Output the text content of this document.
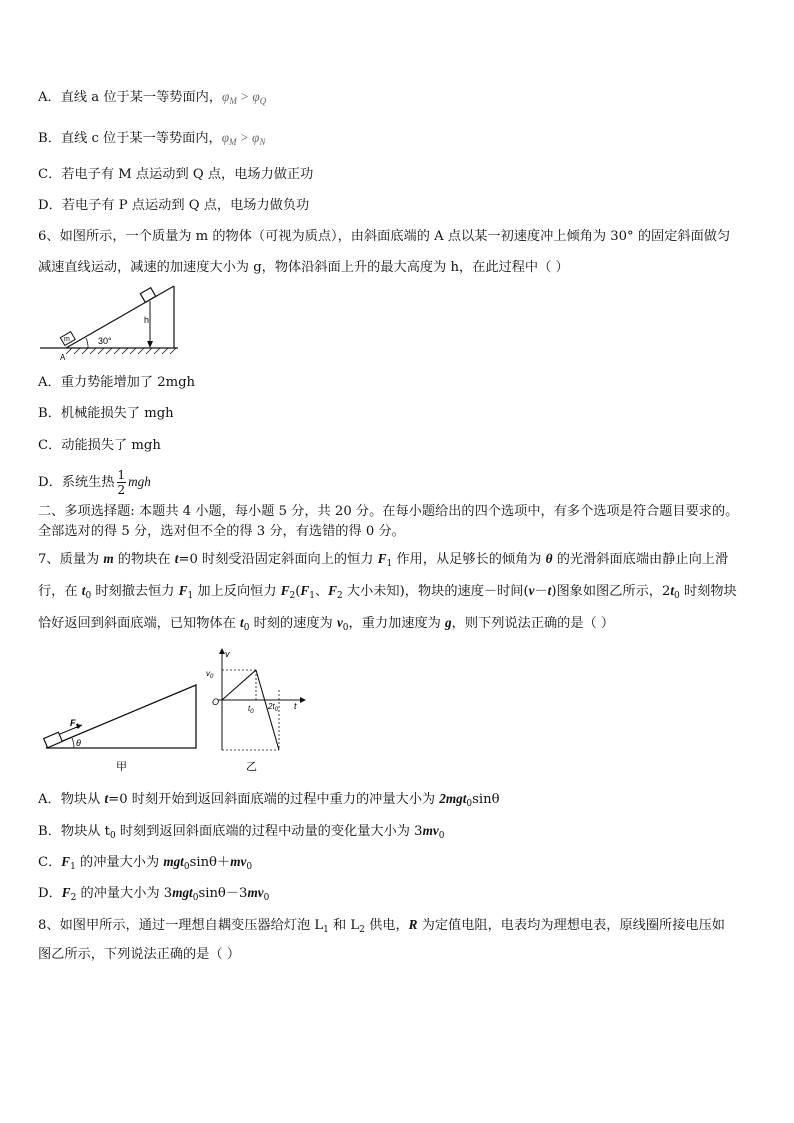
A．直线 a 位于某一等势面内，$\varphi_M > \varphi_Q$
B．直线 c 位于某一等势面内，$\varphi_M > \varphi_N$
C．若电子有 M 点运动到 Q 点，电场力做正功
D．若电子有 P 点运动到 Q 点，电场力做负功
6、如图所示，一个质量为 m 的物体（可视为质点），由斜面底端的 A 点以某一初速度冲上倾角为 30° 的固定斜面做匀
减速直线运动，减速的加速度大小为 g，物体沿斜面上升的最大高度为 h，在此过程中（ ）
m
h
30°
A
A．重力势能增加了 2mgh
B．机械能损失了 mgh
C．动能损失了 mgh
D．系统生热 $\frac{1}{2}$ mgh
二、多项选择题: 本题共 4 小题，每小题 5 分，共 20 分。在每小题给出的四个选项中，有多个选项是符合题目要求的。
全部选对的得 5 分，选对但不全的得 3 分，有选错的得 0 分。
7、质量为 m 的物块在 t=0 时刻受沿固定斜面向上的恒力 $F_1$ 作用，从足够长的倾角为 θ 的光滑斜面底端由静止向上滑
行，在 $t_0$ 时刻撤去恒力 $F_1$ 加上反向恒力 $F_2(F_1$、$F_2$ 大小未知)，物块的速度－时间(v－t)图象如图乙所示，$2t_0$ 时刻物块
恰好返回到斜面底端，已知物体在 $t_0$ 时刻的速度为 $v_0$，重力加速度为 g，则下列说法正确的是（ ）
$F_1$
θ
甲
v
$v_0$
O
$t_0$
$2t_0$ t
乙
A．物块从 t=0 时刻开始到返回斜面底端的过程中重力的冲量大小为 2mgt$_0$sinθ
B．物块从 $t_0$ 时刻到返回斜面底端的过程中动量的变化量大小为 $3mv_0$
C．$F_1$ 的冲量大小为 $mgt_0\sin\theta+mv_0$
D．$F_2$ 的冲量大小为 $3mgt_0\sin\theta-3mv_0$
8、如图甲所示，通过一理想自耦变压器给灯泡 $L_1$ 和 $L_2$ 供电，R 为定值电阻，电表均为理想电表，原线圈所接电压如
图乙所示，下列说法正确的是（ ）
